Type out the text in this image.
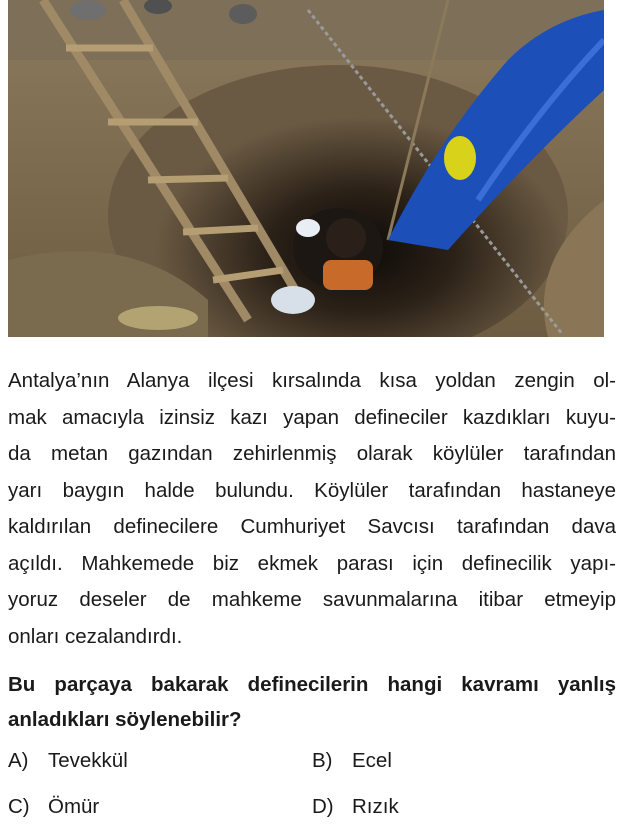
Antalya’nın Alanya ilçesi kırsalında kısa yoldan zengin ol-
mak amacıyla izinsiz kazı yapan defineciler kazdıkları kuyu-
da metan gazından zehirlenmiş olarak köylüler tarafından
yarı baygın halde bulundu. Köylüler tarafından hastaneye
kaldırılan definecilere Cumhuriyet Savcısı tarafından dava
açıldı. Mahkemede biz ekmek parası için definecilik yapı-
yoruz deseler de mahkeme savunmalarına itibar etmeyip
onları cezalandırdı.
Bu parçaya bakarak definecilerin hangi kavramı yanlış
anladıkları söylenebilir?
A) Tevekkül	B) Ecel
C) Ömür	D) Rızık
